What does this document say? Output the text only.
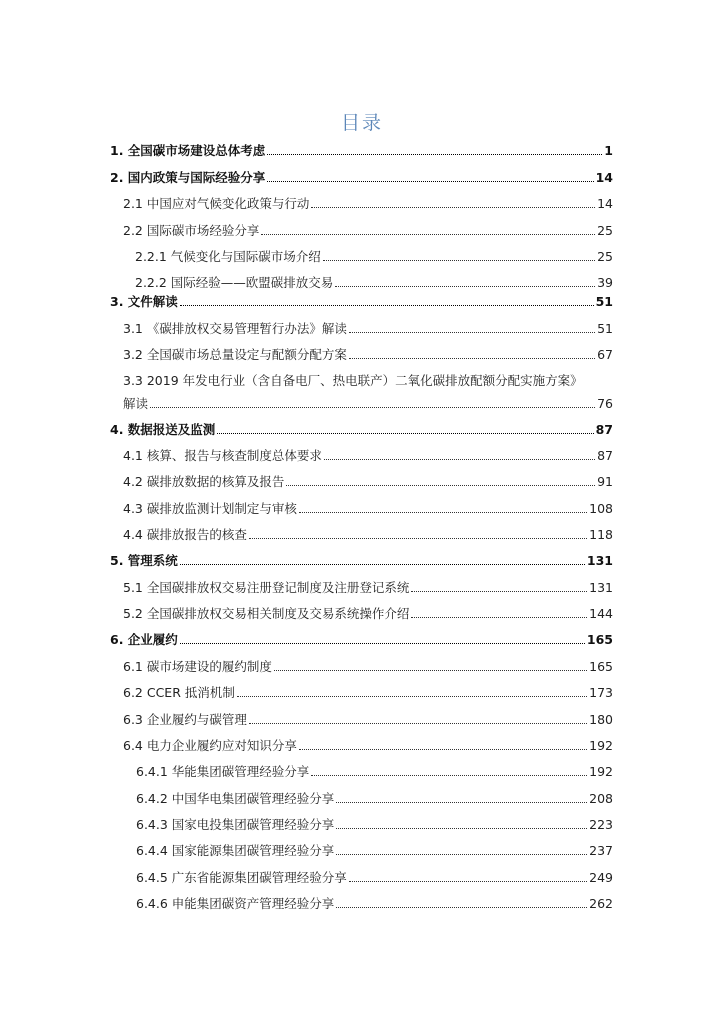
目录
1. 全国碳市场建设总体考虑	1
2. 国内政策与国际经验分享	14
2.1 中国应对气候变化政策与行动	14
2.2 国际碳市场经验分享	25
2.2.1 气候变化与国际碳市场介绍	25
2.2.2 国际经验——欧盟碳排放交易	39
3. 文件解读	51
3.1 《碳排放权交易管理暂行办法》解读	51
3.2 全国碳市场总量设定与配额分配方案	67
3.3 2019 年发电行业（含自备电厂、热电联产）二氧化碳排放配额分配实施方案》
解读	76
4. 数据报送及监测	87
4.1 核算、报告与核查制度总体要求	87
4.2 碳排放数据的核算及报告	91
4.3 碳排放监测计划制定与审核	108
4.4 碳排放报告的核查	118
5. 管理系统	131
5.1 全国碳排放权交易注册登记制度及注册登记系统	131
5.2 全国碳排放权交易相关制度及交易系统操作介绍	144
6. 企业履约	165
6.1 碳市场建设的履约制度	165
6.2 CCER 抵消机制	173
6.3 企业履约与碳管理	180
6.4 电力企业履约应对知识分享	192
6.4.1 华能集团碳管理经验分享	192
6.4.2 中国华电集团碳管理经验分享	208
6.4.3 国家电投集团碳管理经验分享	223
6.4.4 国家能源集团碳管理经验分享	237
6.4.5 广东省能源集团碳管理经验分享	249
6.4.6 申能集团碳资产管理经验分享	262
